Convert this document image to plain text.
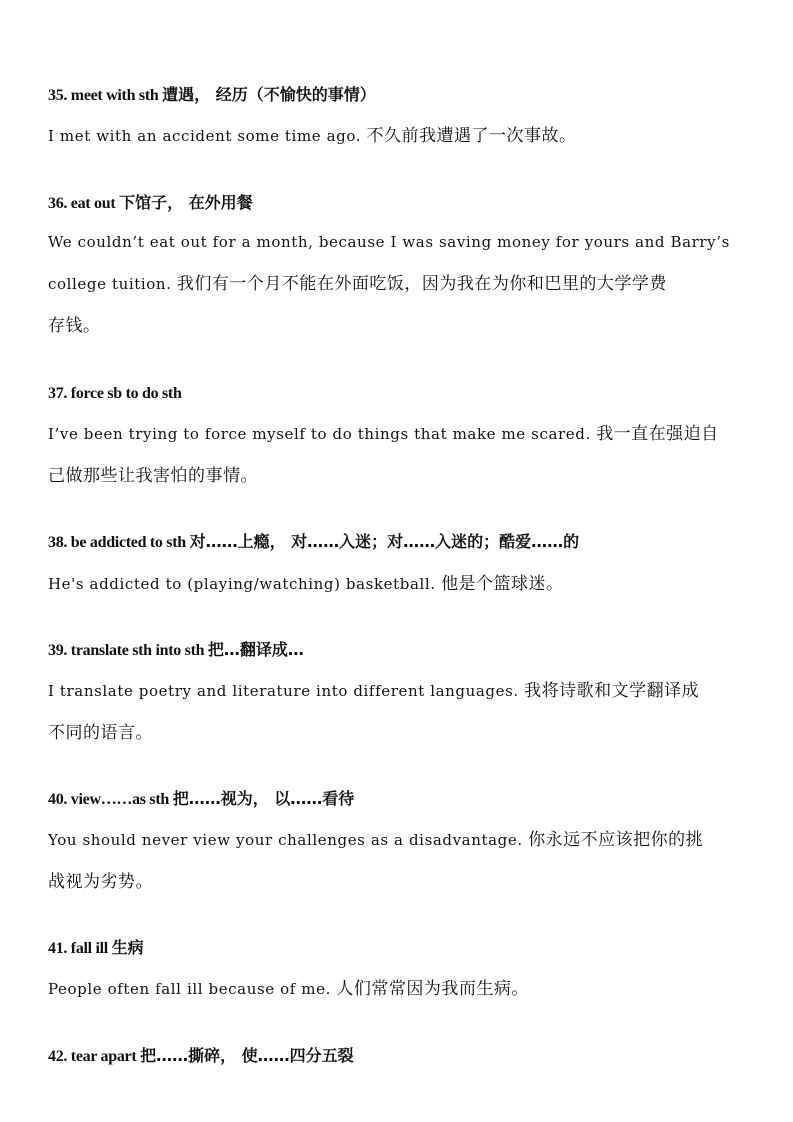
35. meet with sth 遭遇， 经历（不愉快的事情）
I met with an accident some time ago. 不久前我遭遇了一次事故。
36. eat out 下馆子， 在外用餐
We couldn’t eat out for a month, because I was saving money for yours and Barry’s
college tuition. 我们有一个月不能在外面吃饭，因为我在为你和巴里的大学学费
存钱。
37. force sb to do sth
I’ve been trying to force myself to do things that make me scared. 我一直在强迫自
己做那些让我害怕的事情。
38. be addicted to sth 对……上瘾， 对……入迷；对……入迷的；酷爱……的
He's addicted to (playing/watching) basketball. 他是个篮球迷。
39. translate sth into sth 把…翻译成…
I translate poetry and literature into different languages. 我将诗歌和文学翻译成
不同的语言。
40. view……as sth 把……视为， 以……看待
You should never view your challenges as a disadvantage. 你永远不应该把你的挑
战视为劣势。
41. fall ill 生病
People often fall ill because of me. 人们常常因为我而生病。
42. tear apart 把……撕碎， 使……四分五裂
